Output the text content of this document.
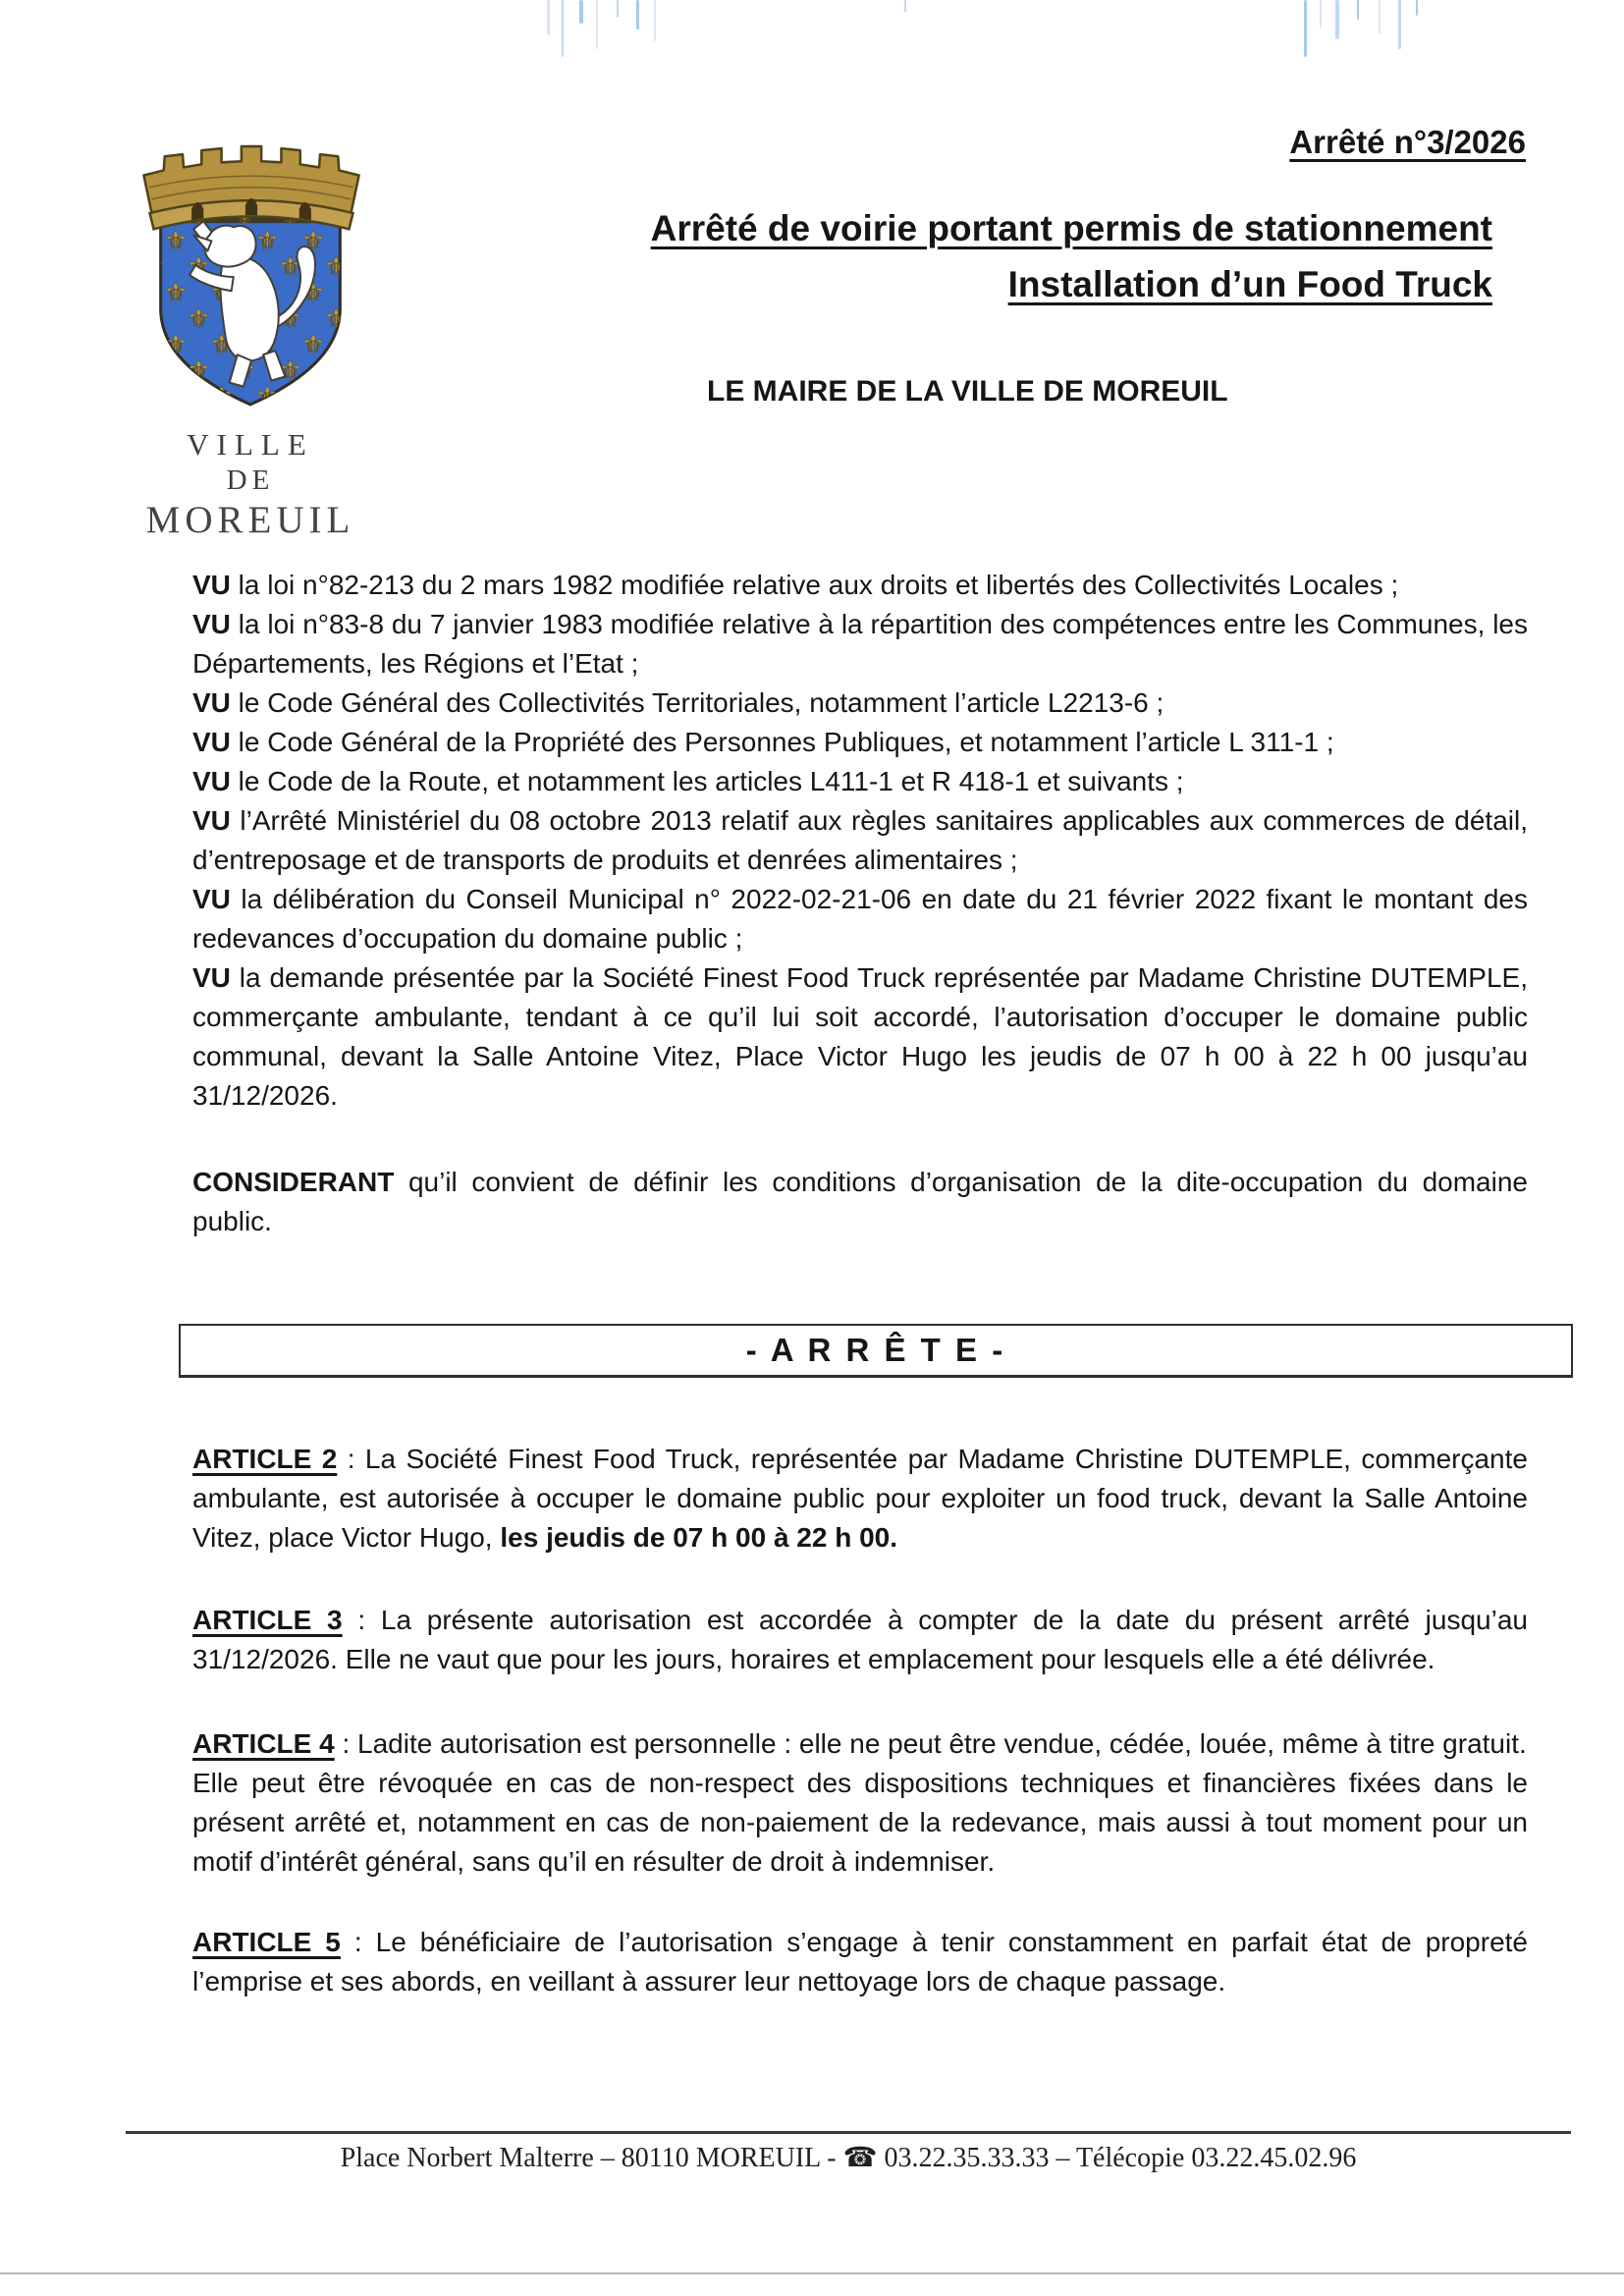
Arrêté n°3/2026
VILLE
DE
MOREUIL
Arrêté de voirie portant permis de stationnement
Installation d’un Food Truck
LE MAIRE DE LA VILLE DE MOREUIL

VU la loi n°82-213 du 2 mars 1982 modifiée relative aux droits et libertés des Collectivités Locales ;

VU la loi n°83-8 du 7 janvier 1983 modifiée relative à la répartition des compétences entre les Communes, les Départements, les Régions et l’Etat ;

VU le Code Général des Collectivités Territoriales, notamment l’article L2213-6 ;

VU le Code Général de la Propriété des Personnes Publiques, et notamment l’article L 311-1 ;

VU le Code de la Route, et notamment les articles L411-1 et R 418-1 et suivants ;

VU l’Arrêté Ministériel du 08 octobre 2013 relatif aux règles sanitaires applicables aux commerces de détail, d’entreposage et de transports de produits et denrées alimentaires ;

VU la délibération du Conseil Municipal n° 2022-02-21-06 en date du 21 février 2022 fixant le montant des redevances d’occupation du domaine public ;

VU la demande présentée par la Société Finest Food Truck représentée par Madame Christine DUTEMPLE, commerçante ambulante, tendant à ce qu’il lui soit accordé, l’autorisation d’occuper le domaine public communal, devant la Salle Antoine Vitez, Place Victor Hugo les jeudis de 07 h 00 à 22 h 00 jusqu’au 31/12/2026.

CONSIDERANT qu’il convient de définir les conditions d’organisation de la dite-occupation du domaine public.

- A R R Ê T E -

ARTICLE 2 : La Société Finest Food Truck, représentée par Madame Christine DUTEMPLE, commerçante ambulante, est autorisée à occuper le domaine public pour exploiter un food truck, devant la Salle Antoine Vitez, place Victor Hugo, les jeudis de 07 h 00 à 22 h 00.

ARTICLE 3 : La présente autorisation est accordée à compter de la date du présent arrêté jusqu’au 31/12/2026. Elle ne vaut que pour les jours, horaires et emplacement pour lesquels elle a été délivrée.

ARTICLE 4 : Ladite autorisation est personnelle : elle ne peut être vendue, cédée, louée, même à titre gratuit.

Elle peut être révoquée en cas de non-respect des dispositions techniques et financières fixées dans le présent arrêté et, notamment en cas de non-paiement de la redevance, mais aussi à tout moment pour un motif d’intérêt général, sans qu’il en résulter de droit à indemniser.

ARTICLE 5 : Le bénéficiaire de l’autorisation s’engage à tenir constamment en parfait état de propreté l’emprise et ses abords, en veillant à assurer leur nettoyage lors de chaque passage.

Place Norbert Malterre – 80110 MOREUIL - ☎ 03.22.35.33.33 – Télécopie 03.22.45.02.96
